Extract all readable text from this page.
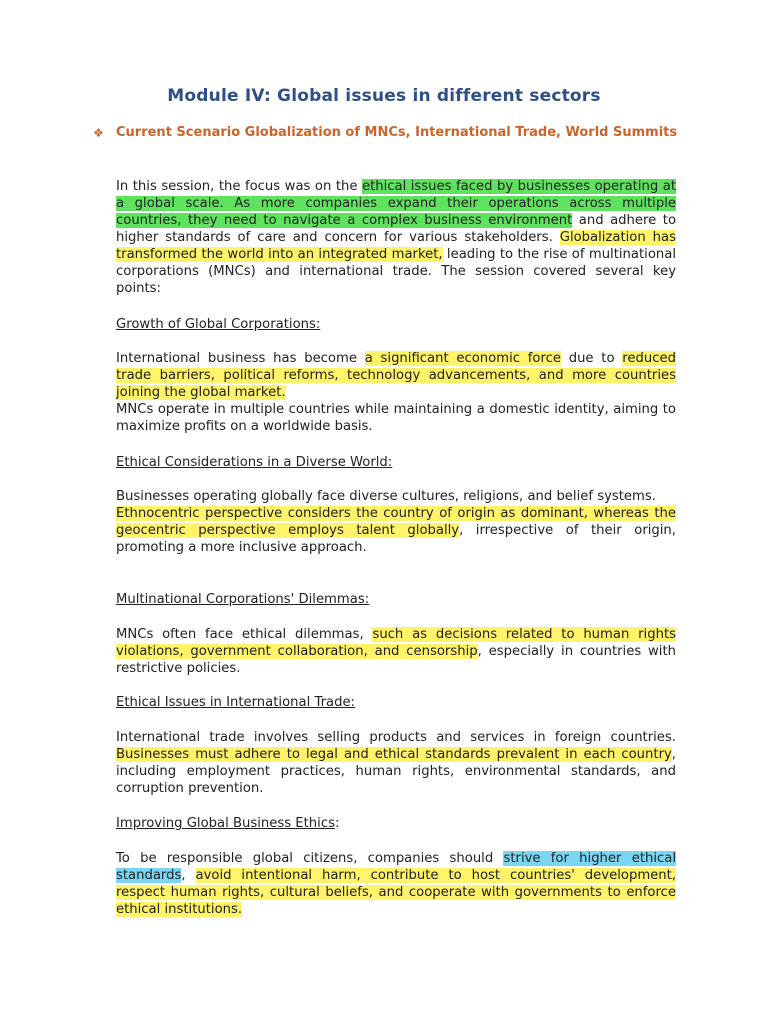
Module IV: Global issues in different sectors
❖ Current Scenario Globalization of MNCs, International Trade, World Summits

In this session, the focus was on the ethical issues faced by businesses operating at a global scale. As more companies expand their operations across multiple countries, they need to navigate a complex business environment and adhere to higher standards of care and concern for various stakeholders. Globalization has transformed the world into an integrated market, leading to the rise of multinational corporations (MNCs) and international trade. The session covered several key points:

Growth of Global Corporations:

International business has become a significant economic force due to reduced trade barriers, political reforms, technology advancements, and more countries joining the global market.

MNCs operate in multiple countries while maintaining a domestic identity, aiming to maximize profits on a worldwide basis.

Ethical Considerations in a Diverse World:

Businesses operating globally face diverse cultures, religions, and belief systems.

Ethnocentric perspective considers the country of origin as dominant, whereas the geocentric perspective employs talent globally, irrespective of their origin, promoting a more inclusive approach.

Multinational Corporations' Dilemmas:

MNCs often face ethical dilemmas, such as decisions related to human rights violations, government collaboration, and censorship, especially in countries with restrictive policies.

Ethical Issues in International Trade:

International trade involves selling products and services in foreign countries. Businesses must adhere to legal and ethical standards prevalent in each country, including employment practices, human rights, environmental standards, and corruption prevention.

Improving Global Business Ethics:

To be responsible global citizens, companies should strive for higher ethical standards, avoid intentional harm, contribute to host countries' development, respect human rights, cultural beliefs, and cooperate with governments to enforce ethical institutions.
